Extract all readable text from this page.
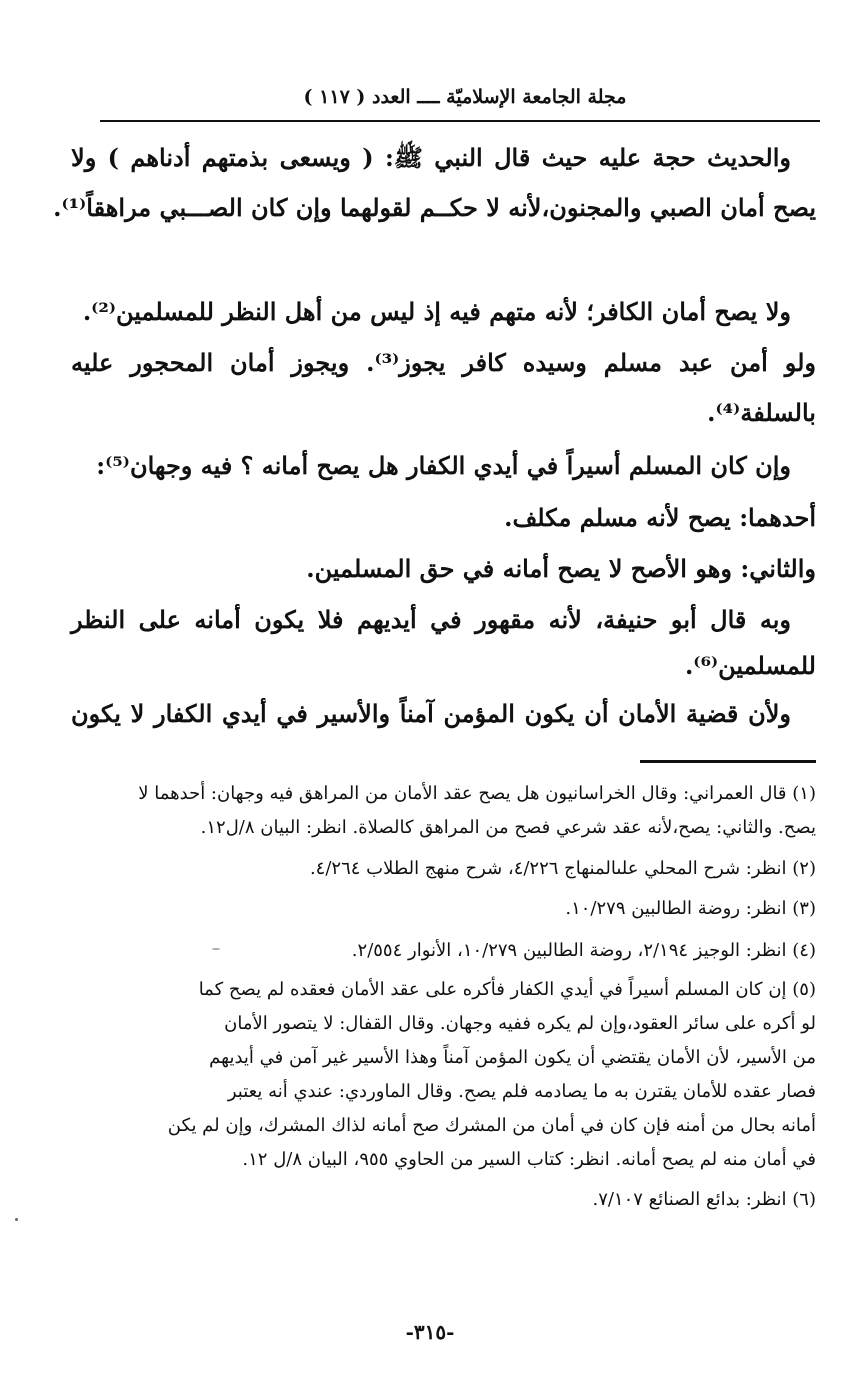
مجلة الجامعة الإسلاميّة ــــ العدد ( ١١٧ )
والحديث حجة عليه حيث قال النبي ﷺ: ( ويسعى بذمتهم أدناهم ) ولا
يصح أمان الصبي والمجنون،لأنه لا حكــم لقولهما وإن كان الصـــبي مراهقاً⁽¹⁾.
ولا يصح أمان الكافر؛ لأنه متهم فيه إذ ليس من أهل النظر للمسلمين⁽²⁾.
ولو أمن عبد مسلم وسيده كافر يجوز⁽³⁾. ويجوز أمان المحجور عليه
بالسلفة⁽⁴⁾.
وإن كان المسلم أسيراً في أيدي الكفار هل يصح أمانه ؟ فيه وجهان⁽⁵⁾:
أحدهما: يصح لأنه مسلم مكلف.
والثاني: وهو الأصح لا يصح أمانه في حق المسلمين.
وبه قال أبو حنيفة، لأنه مقهور في أيديهم فلا يكون أمانه على النظر
للمسلمين⁽⁶⁾.
ولأن قضية الأمان أن يكون المؤمن آمناً والأسير في أيدي الكفار لا يكون
(١) قال العمراني: وقال الخراسانيون هل يصح عقد الأمان من المراهق فيه وجهان: أحدهما لا
يصح. والثاني: يصح،لأنه عقد شرعي فصح من المراهق كالصلاة. انظر: البيان ٨/ل١٢.
(٢) انظر: شرح المحلي علىالمنهاج ٤/٢٢٦، شرح منهج الطلاب ٤/٢٦٤.
(٣) انظر: روضة الطالبين ١٠/٢٧٩.
(٤) انظر: الوجيز ٢/١٩٤، روضة الطالبين ١٠/٢٧٩، الأنوار ٢/٥٥٤.
(٥) إن كان المسلم أسيراً في أيدي الكفار فأكره على عقد الأمان فعقده لم يصح كما
لو أكره على سائر العقود،وإن لم يكره ففيه وجهان. وقال القفال: لا يتصور الأمان
من الأسير، لأن الأمان يقتضي أن يكون المؤمن آمناً وهذا الأسير غير آمن في أيديهم
فصار عقده للأمان يقترن به ما يصادمه فلم يصح. وقال الماوردي: عندي أنه يعتبر
أمانه بحال من أمنه فإن كان في أمان من المشرك صح أمانه لذاك المشرك، وإن لم يكن
في أمان منه لم يصح أمانه. انظر: كتاب السير من الحاوي ٩٥٥، البيان ٨/ل ١٢.
(٦) انظر: بدائع الصنائع ٧/١٠٧.
-٣١٥-
